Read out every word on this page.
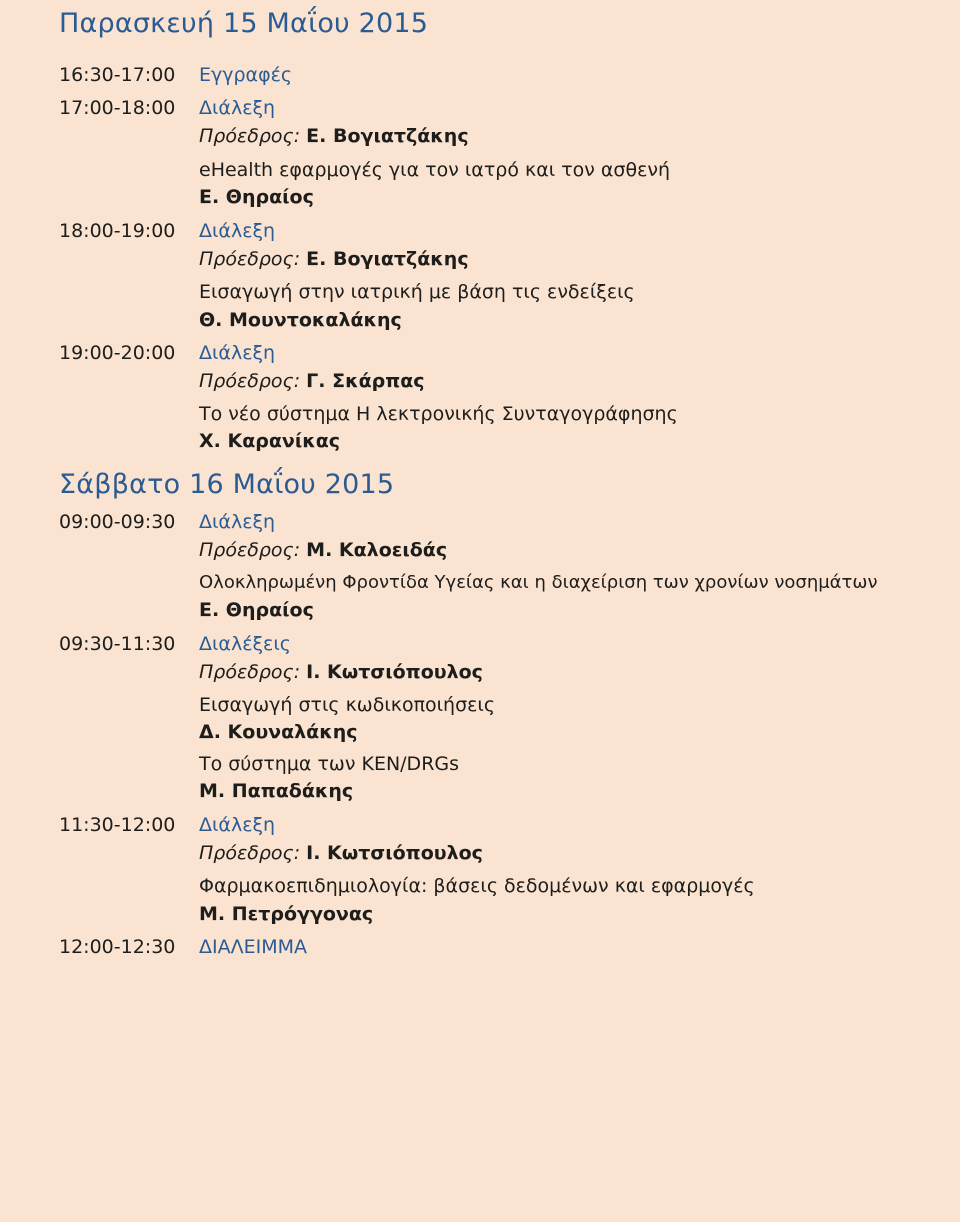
Παρασκευή 15 Μαΐου 2015
16:30-17:00 Εγγραφές
17:00-18:00 Διάλεξη
Πρόεδρος: Ε. Βογιατζάκης
eHealth εφαρμογές για τον ιατρό και τον ασθενή
Ε. Θηραίος
18:00-19:00 Διάλεξη
Πρόεδρος: Ε. Βογιατζάκης
Εισαγωγή στην ιατρική με βάση τις ενδείξεις
Θ. Μουντοκαλάκης
19:00-20:00 Διάλεξη
Πρόεδρος: Γ. Σκάρπας
Το νέο σύστημα Η λεκτρονικής Συνταγογράφησης
Χ. Καρανίκας
Σάββατο 16 Μαΐου 2015
09:00-09:30 Διάλεξη
Πρόεδρος: Μ. Καλοειδάς
Ολοκληρωμένη Φροντίδα Υγείας και η διαχείριση των χρονίων νοσημάτων
Ε. Θηραίος
09:30-11:30 Διαλέξεις
Πρόεδρος: Ι. Κωτσιόπουλος
Εισαγωγή στις κωδικοποιήσεις
Δ. Κουναλάκης
Το σύστημα των ΚΕΝ/DRGs
Μ. Παπαδάκης
11:30-12:00 Διάλεξη
Πρόεδρος: Ι. Κωτσιόπουλος
Φαρμακοεπιδημιολογία: βάσεις δεδομένων και εφαρμογές
Μ. Πετρόγγονας
12:00-12:30 ΔΙΑΛΕΙΜΜΑ
